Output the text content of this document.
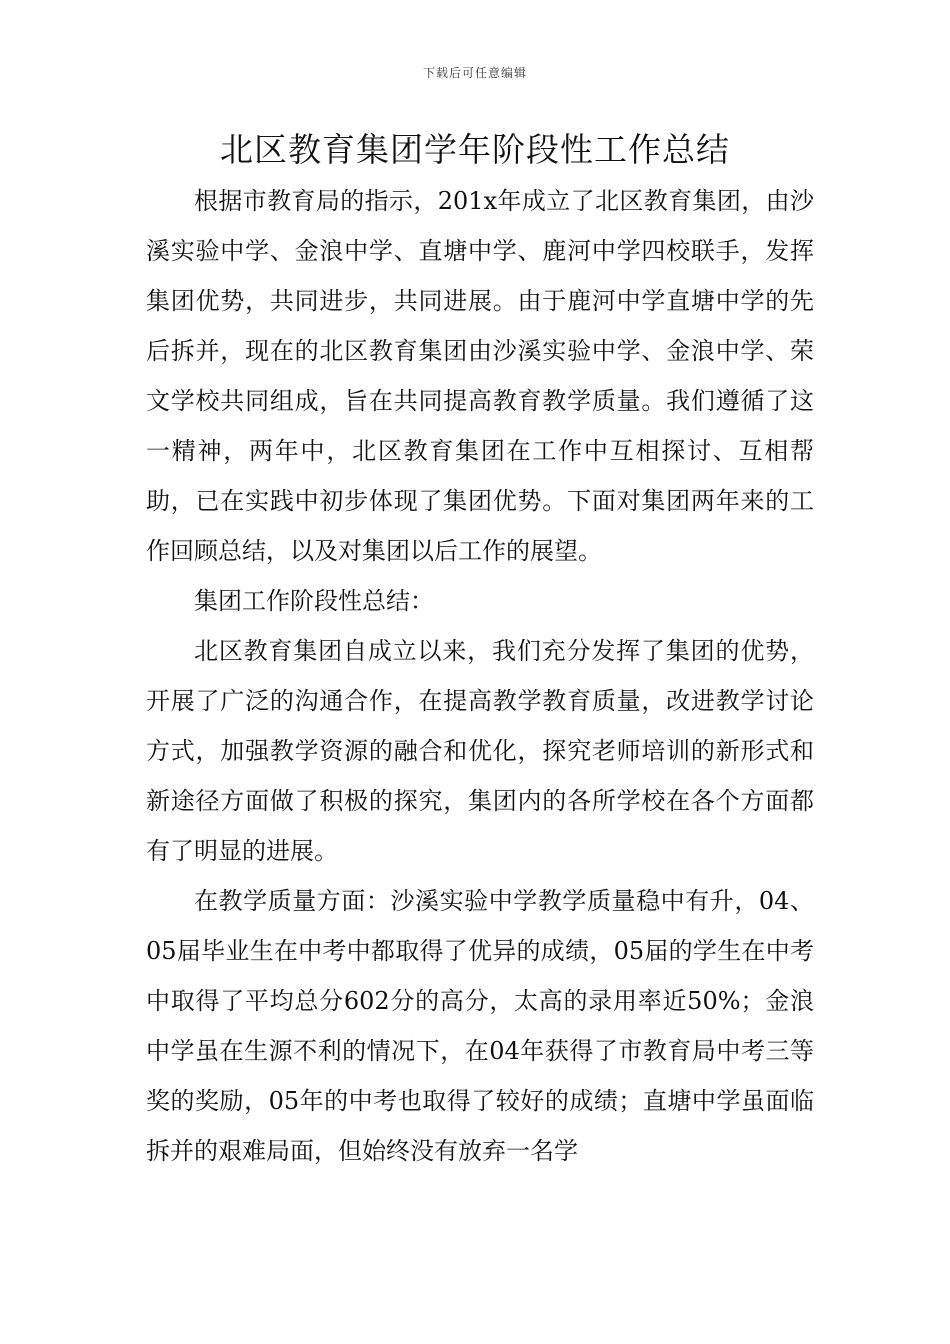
下载后可任意编辑
北区教育集团学年阶段性工作总结

根据市教育局的指示，201x年成立了北区教育集团，由沙溪实验中学、金浪中学、直塘中学、鹿河中学四校联手，发挥集团优势，共同进步，共同进展。由于鹿河中学直塘中学的先后拆并，现在的北区教育集团由沙溪实验中学、金浪中学、荣文学校共同组成，旨在共同提高教育教学质量。我们遵循了这一精神，两年中，北区教育集团在工作中互相探讨、互相帮助，已在实践中初步体现了集团优势。下面对集团两年来的工作回顾总结，以及对集团以后工作的展望。

集团工作阶段性总结：

北区教育集团自成立以来，我们充分发挥了集团的优势，开展了广泛的沟通合作，在提高教学教育质量，改进教学讨论方式，加强教学资源的融合和优化，探究老师培训的新形式和新途径方面做了积极的探究，集团内的各所学校在各个方面都有了明显的进展。

在教学质量方面：沙溪实验中学教学质量稳中有升，04、05届毕业生在中考中都取得了优异的成绩，05届的学生在中考中取得了平均总分602分的高分，太高的录用率近50%；金浪中学虽在生源不利的情况下，在04年获得了市教育局中考三等奖的奖励，05年的中考也取得了较好的成绩；直塘中学虽面临拆并的艰难局面，但始终没有放弃一名学
